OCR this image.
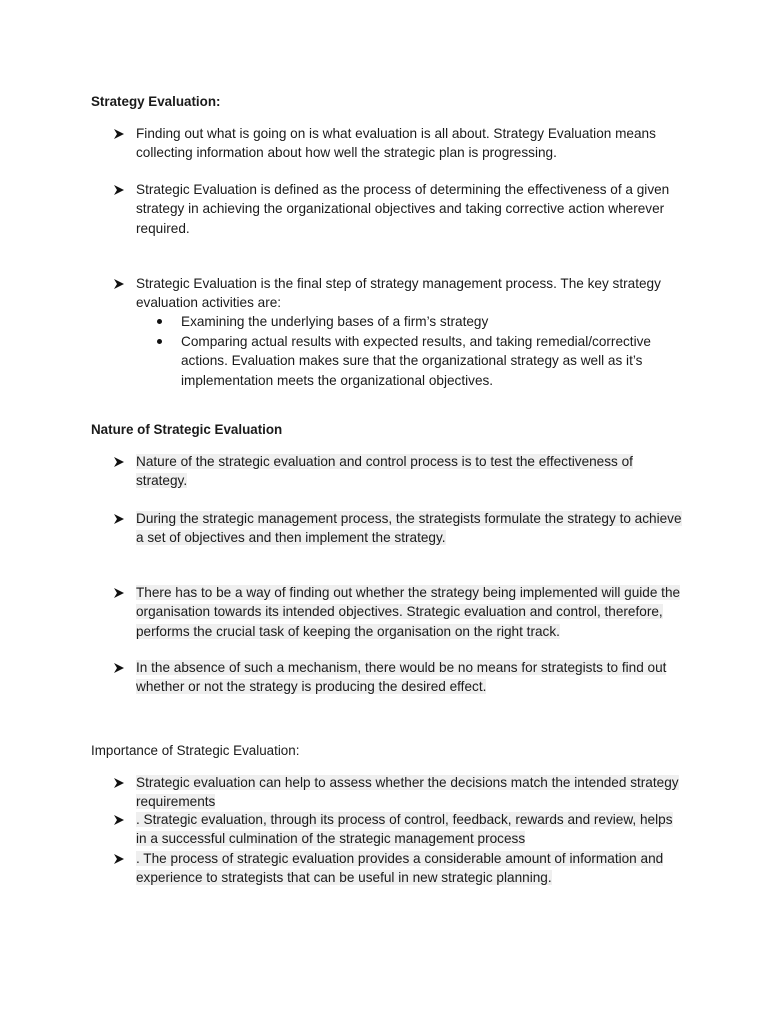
Strategy Evaluation:
Finding out what is going on is what evaluation is all about. Strategy Evaluation means collecting information about how well the strategic plan is progressing.
Strategic Evaluation is defined as the process of determining the effectiveness of a given strategy in achieving the organizational objectives and taking corrective action wherever required.
Strategic Evaluation is the final step of strategy management process. The key strategy evaluation activities are:
Examining the underlying bases of a firm’s strategy
Comparing actual results with expected results, and taking remedial/corrective actions. Evaluation makes sure that the organizational strategy as well as it’s implementation meets the organizational objectives.
Nature of Strategic Evaluation
Nature of the strategic evaluation and control process is to test the effectiveness of strategy.
During the strategic management process, the strategists formulate the strategy to achieve a set of objectives and then implement the strategy.
There has to be a way of finding out whether the strategy being implemented will guide the organisation towards its intended objectives. Strategic evaluation and control, therefore, performs the crucial task of keeping the organisation on the right track.
In the absence of such a mechanism, there would be no means for strategists to find out whether or not the strategy is producing the desired effect.
Importance of Strategic Evaluation:
Strategic evaluation can help to assess whether the decisions match the intended strategy requirements
. Strategic evaluation, through its process of control, feedback, rewards and review, helps in a successful culmination of the strategic management process
. The process of strategic evaluation provides a considerable amount of information and experience to strategists that can be useful in new strategic planning.
